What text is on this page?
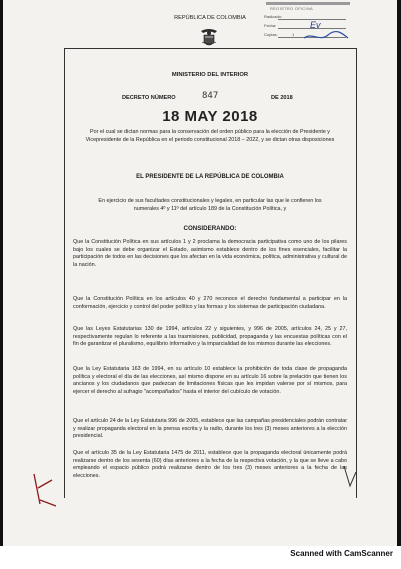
REGISTRO OFICINA
Radicado:
Fecha:
Copias:	1
Ev
REPÚBLICA DE COLOMBIA
MINISTERIO DEL INTERIOR
DECRETO NÚMERO	847	DE 2018
18 MAY 2018
Por el cual se dictan normas para la conservación del orden público para la elección de Presidente y Vicepresidente de la República en el periodo constitucional 2018 – 2022, y se dictan otras disposiciones
EL PRESIDENTE DE LA REPÚBLICA DE COLOMBIA
En ejercicio de sus facultades constitucionales y legales, en particular las que le confieren los numerales 4º y 11º del artículo 189 de la Constitución Política, y
CONSIDERANDO:
Que la Constitución Política en sus artículos 1 y 2 proclama la democracia participativa como uno de los pilares bajo los cuales se debe organizar el Estado, asimismo establece dentro de los fines esenciales, facilitar la participación de todos en las decisiones que los afectan en la vida económica, política, administrativa y cultural de la nación.
Que la Constitución Política en los artículos 40 y 270 reconoce el derecho fundamental a participar en la conformación, ejercicio y control del poder político y las formas y los sistemas de participación ciudadana.
Que las Leyes Estatutarias 130 de 1994, artículos 22 y siguientes, y 996 de 2005, artículos 24, 25 y 27, respectivamente regulan lo referente a las trasmisiones, publicidad, propaganda y las encuestas políticas con el fin de garantizar el pluralismo, equilibrio informativo y la imparcialidad de los mismos durante las elecciones.
Que la Ley Estatutaria 163 de 1994, en su artículo 10 establece la prohibición de toda clase de propaganda política y electoral el día de las elecciones, así mismo dispone en su artículo 16 sobre la prelación que tienen los ancianos y los ciudadanos que padezcan de limitaciones físicas que les impidan valerse por sí mismos, para ejercer el derecho al sufragio "acompañados" hasta el interior del cubículo de votación.
Que el artículo 24 de la Ley Estatutaria 996 de 2005, establece que las campañas presidenciales podrán contratar y realizar propaganda electoral en la prensa escrita y la radio, durante los tres (3) meses anteriores a la elección presidencial.
Que el artículo 35 de la Ley Estatutaria 1475 de 2011, establece que la propaganda electoral únicamente podrá realizarse dentro de los sesenta (60) días anteriores a la fecha de la respectiva votación, y la que se lleve a cabo empleando el espacio público podrá realizarse dentro de los tres (3) meses anteriores a la fecha de las elecciones.
Scanned with CamScanner
